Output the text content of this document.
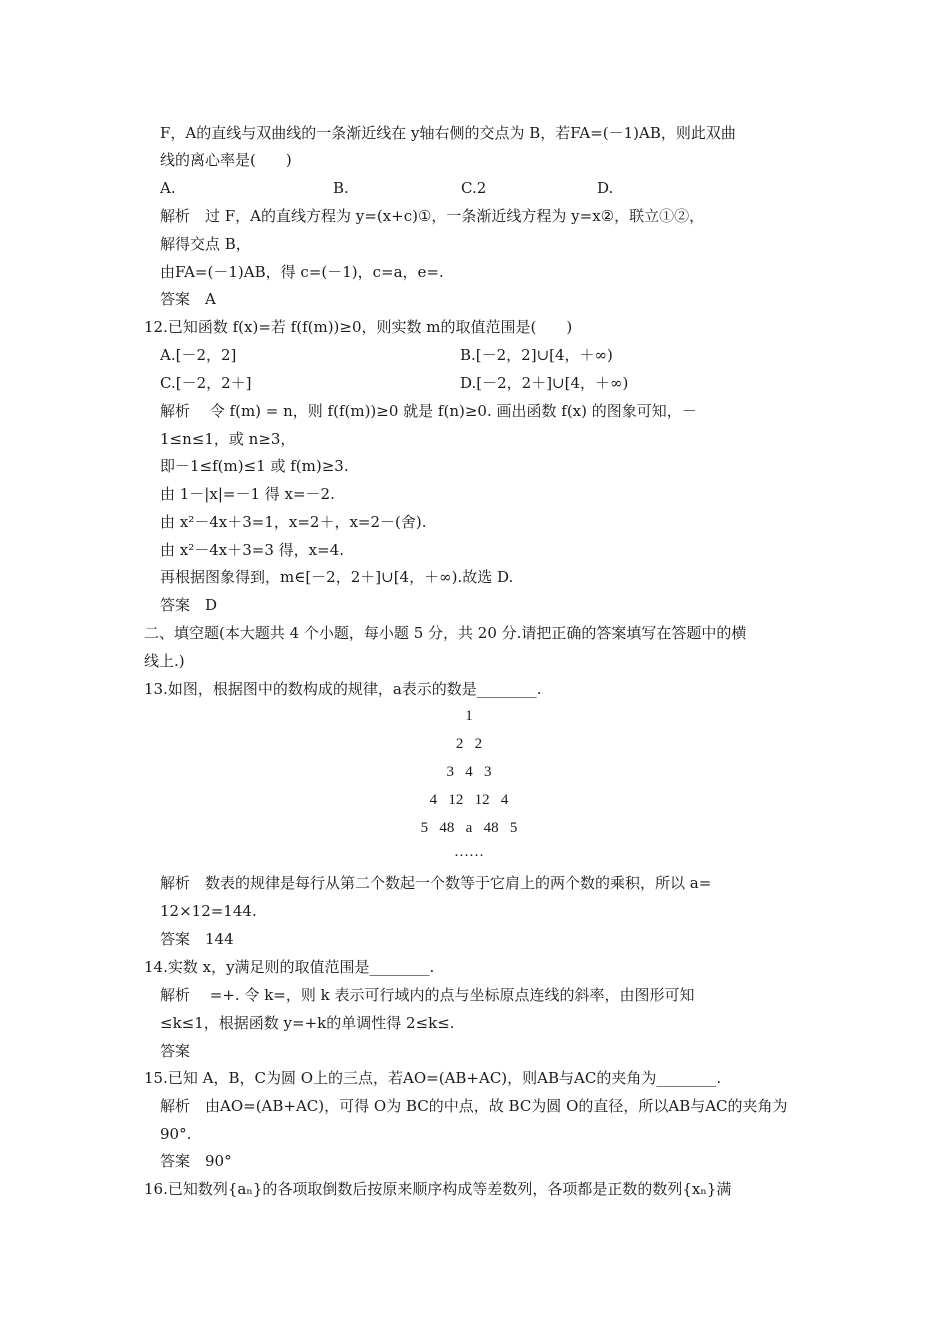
F，A的直线与双曲线的一条渐近线在 y轴右侧的交点为 B，若FA=(－1)AB，则此双曲
线的离心率是(　　)
A.	B.	C.2	D.
解析　过 F，A的直线方程为 y=(x+c)①，一条渐近线方程为 y=x②，联立①②，
解得交点 B，
由FA=(－1)AB，得 c=(－1)，c=a，e=.
答案　A
12.已知函数 f(x)=若 f(f(m))≥0，则实数 m的取值范围是(　　)
A.[－2，2]	B.[－2，2]∪[4，＋∞)
C.[－2，2＋]	D.[－2，2＋]∪[4，＋∞)
解析　 令 f(m) = n，则 f(f(m))≥0 就是 f(n)≥0. 画出函数 f(x) 的图象可知，－
1≤n≤1，或 n≥3，
即－1≤f(m)≤1 或 f(m)≥3.
由 1－|x|=－1 得 x=－2.
由 x²－4x＋3=1，x=2＋，x=2－(舍).
由 x²－4x＋3=3 得，x=4.
再根据图象得到，m∈[－2，2＋]∪[4，＋∞).故选 D.
答案　D
二、填空题(本大题共 4 个小题，每小题 5 分，共 20 分.请把正确的答案填写在答题中的横
线上.)
13.如图，根据图中的数构成的规律，a表示的数是________.
1
2   2
3   4   3
4   12   12   4
5   48   a   48   5
……
解析　数表的规律是每行从第二个数起一个数等于它肩上的两个数的乘积，所以 a=
12×12=144.
答案　144
14.实数 x，y满足则的取值范围是________.
解析　 =+. 令 k=，则 k 表示可行域内的点与坐标原点连线的斜率，由图形可知
≤k≤1，根据函数 y=+k的单调性得 2≤k≤.
答案
15.已知 A，B，C为圆 O上的三点，若AO=(AB+AC)，则AB与AC的夹角为________.
解析　由AO=(AB+AC)，可得 O为 BC的中点，故 BC为圆 O的直径，所以AB与AC的夹角为
90°.
答案　90°
16.已知数列{aₙ}的各项取倒数后按原来顺序构成等差数列，各项都是正数的数列{xₙ}满
